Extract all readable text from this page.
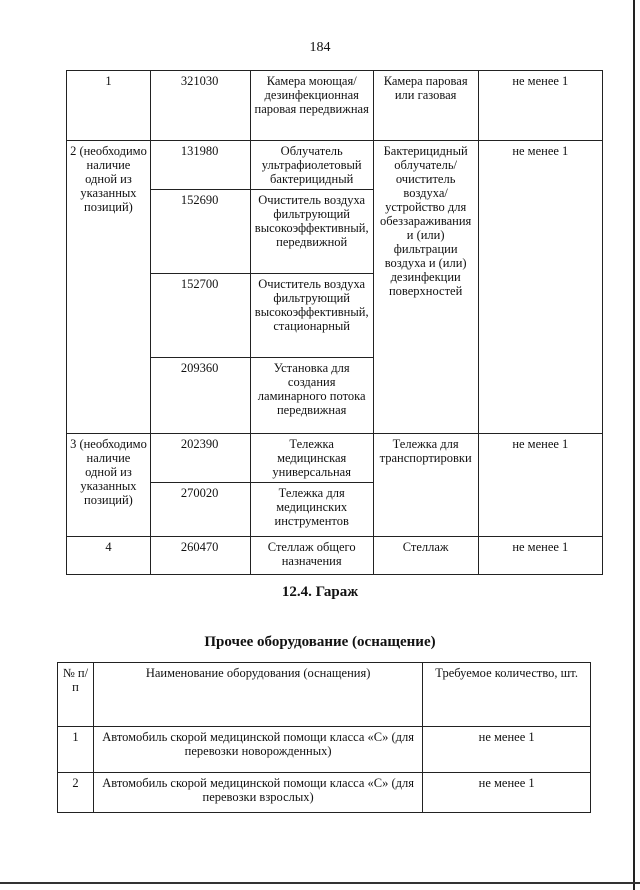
184
1	321030	Камера моющая/ дезинфекционная паровая передвижная	Камера паровая или газовая	не менее 1
2 (необходимо наличие одной из указанных позиций)	131980	Облучатель ультрафиолетовый бактерицидный	Бактерицидный облучатель/ очиститель воздуха/ устройство для обеззараживания и (или) фильтрации воздуха и (или) дезинфекции поверхностей	не менее 1
	152690	Очиститель воздуха фильтрующий высокоэффективный, передвижной		
	152700	Очиститель воздуха фильтрующий высокоэффективный, стационарный		
	209360	Установка для создания ламинарного потока передвижная		
3 (необходимо наличие одной из указанных позиций)	202390	Тележка медицинская универсальная	Тележка для транспортировки	не менее 1
	270020	Тележка для медицинских инструментов		
4	260470	Стеллаж общего назначения	Стеллаж	не менее 1
12.4. Гараж
Прочее оборудование (оснащение)
№ п/п	Наименование оборудования (оснащения)	Требуемое количество, шт.
1	Автомобиль скорой медицинской помощи класса «С» (для перевозки новорожденных)	не менее 1
2	Автомобиль скорой медицинской помощи класса «С» (для перевозки взрослых)	не менее 1
